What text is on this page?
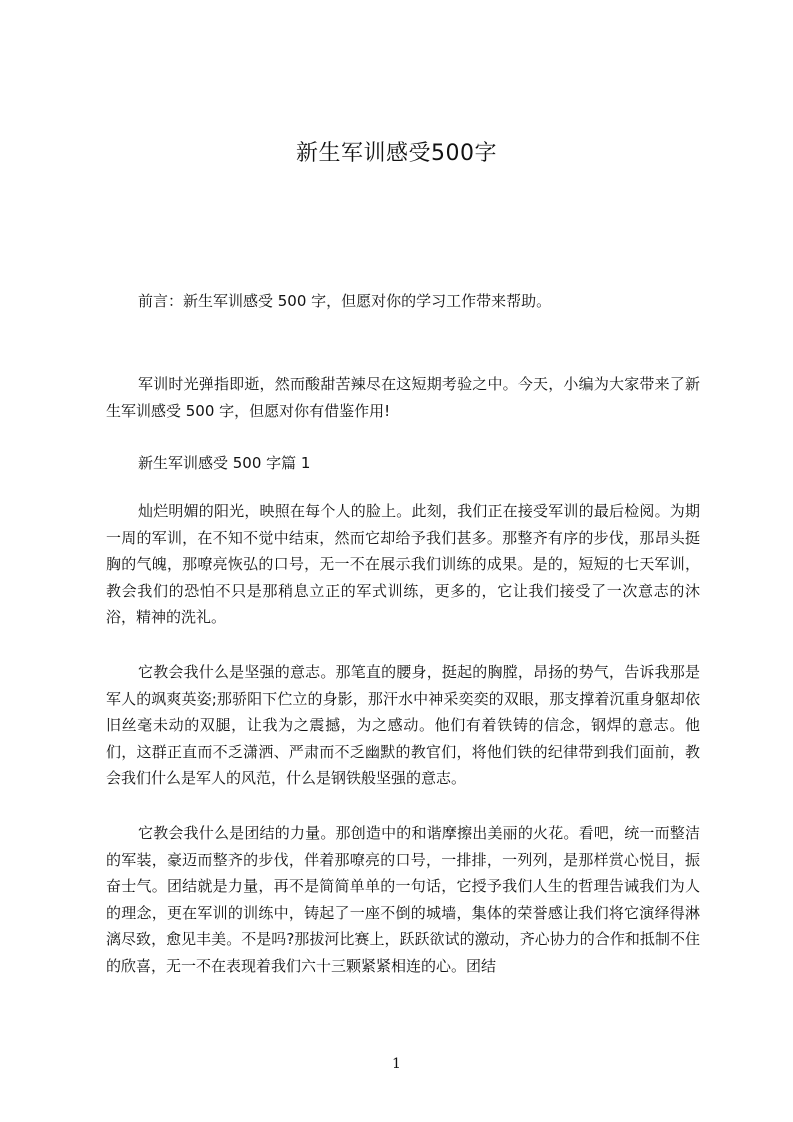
新生军训感受500字

前言：新生军训感受 500 字，但愿对你的学习工作带来帮助。

军训时光弹指即逝，然而酸甜苦辣尽在这短期考验之中。今天，小编为大家带来了新生军训感受 500 字，但愿对你有借鉴作用!

新生军训感受 500 字篇 1

灿烂明媚的阳光，映照在每个人的脸上。此刻，我们正在接受军训的最后检阅。为期一周的军训，在不知不觉中结束，然而它却给予我们甚多。那整齐有序的步伐，那昂头挺胸的气魄，那嘹亮恢弘的口号，无一不在展示我们训练的成果。是的，短短的七天军训，教会我们的恐怕不只是那稍息立正的军式训练，更多的，它让我们接受了一次意志的沐浴，精神的洗礼。

它教会我什么是坚强的意志。那笔直的腰身，挺起的胸膛，昂扬的势气，告诉我那是军人的飒爽英姿;那骄阳下伫立的身影，那汗水中神采奕奕的双眼，那支撑着沉重身躯却依旧丝毫未动的双腿，让我为之震撼，为之感动。他们有着铁铸的信念，钢焊的意志。他们，这群正直而不乏潇洒、严肃而不乏幽默的教官们，将他们铁的纪律带到我们面前，教会我们什么是军人的风范，什么是钢铁般坚强的意志。

它教会我什么是团结的力量。那创造中的和谐摩擦出美丽的火花。看吧，统一而整洁的军装，豪迈而整齐的步伐，伴着那嘹亮的口号，一排排，一列列，是那样赏心悦目，振奋士气。团结就是力量，再不是简简单单的一句话，它授予我们人生的哲理告诫我们为人的理念，更在军训的训练中，铸起了一座不倒的城墙，集体的荣誉感让我们将它演绎得淋漓尽致，愈见丰美。不是吗?那拔河比赛上，跃跃欲试的激动，齐心协力的合作和抵制不住的欣喜，无一不在表现着我们六十三颗紧紧相连的心。团结

1
